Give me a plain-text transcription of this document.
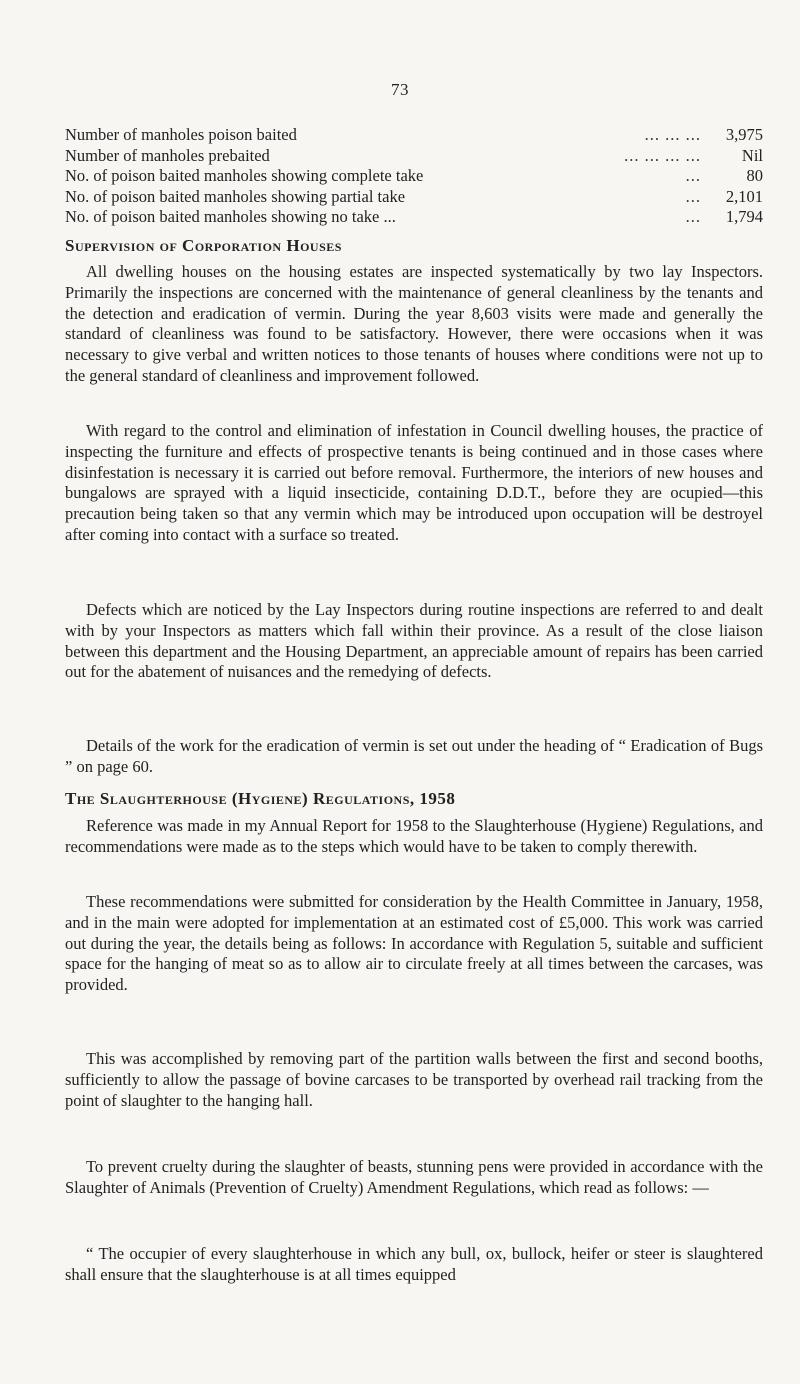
73
Number of manholes poison baited	... ... ...	3,975
Number of manholes prebaited	... ... ... ...	Nil
No. of poison baited manholes showing complete take	...	80
No. of poison baited manholes showing partial take	...	2,101
No. of poison baited manholes showing no take ...	...	1,794
Supervision of Corporation Houses

All dwelling houses on the housing estates are inspected systematically by two lay Inspectors. Primarily the inspections are concerned with the maintenance of general cleanliness by the tenants and the detection and eradication of vermin. During the year 8,603 visits were made and generally the standard of cleanliness was found to be satisfactory. However, there were occasions when it was necessary to give verbal and written notices to those tenants of houses where conditions were not up to the general standard of cleanliness and improvement followed.

With regard to the control and elimination of infestation in Council dwelling houses, the practice of inspecting the furniture and effects of prospective tenants is being continued and in those cases where disinfestation is necessary it is carried out before removal. Furthermore, the interiors of new houses and bungalows are sprayed with a liquid insecticide, containing D.D.T., before they are ocupied—this precaution being taken so that any vermin which may be introduced upon occupation will be destroyel after coming into contact with a surface so treated.

Defects which are noticed by the Lay Inspectors during routine inspections are referred to and dealt with by your Inspectors as matters which fall within their province. As a result of the close liaison between this department and the Housing Department, an appreciable amount of repairs has been carried out for the abatement of nuisances and the remedying of defects.

Details of the work for the eradication of vermin is set out under the heading of “ Eradication of Bugs ” on page 60.

The Slaughterhouse (Hygiene) Regulations, 1958

Reference was made in my Annual Report for 1958 to the Slaughterhouse (Hygiene) Regulations, and recommendations were made as to the steps which would have to be taken to comply therewith.

These recommendations were submitted for consideration by the Health Committee in January, 1958, and in the main were adopted for implementation at an estimated cost of £5,000. This work was carried out during the year, the details being as follows: In accordance with Regulation 5, suitable and sufficient space for the hanging of meat so as to allow air to circulate freely at all times between the carcases, was provided.

This was accomplished by removing part of the partition walls between the first and second booths, sufficiently to allow the passage of bovine carcases to be transported by overhead rail tracking from the point of slaughter to the hanging hall.

To prevent cruelty during the slaughter of beasts, stunning pens were provided in accordance with the Slaughter of Animals (Prevention of Cruelty) Amendment Regulations, which read as follows: —

“ The occupier of every slaughterhouse in which any bull, ox, bullock, heifer or steer is slaughtered shall ensure that the slaughterhouse is at all times equipped
